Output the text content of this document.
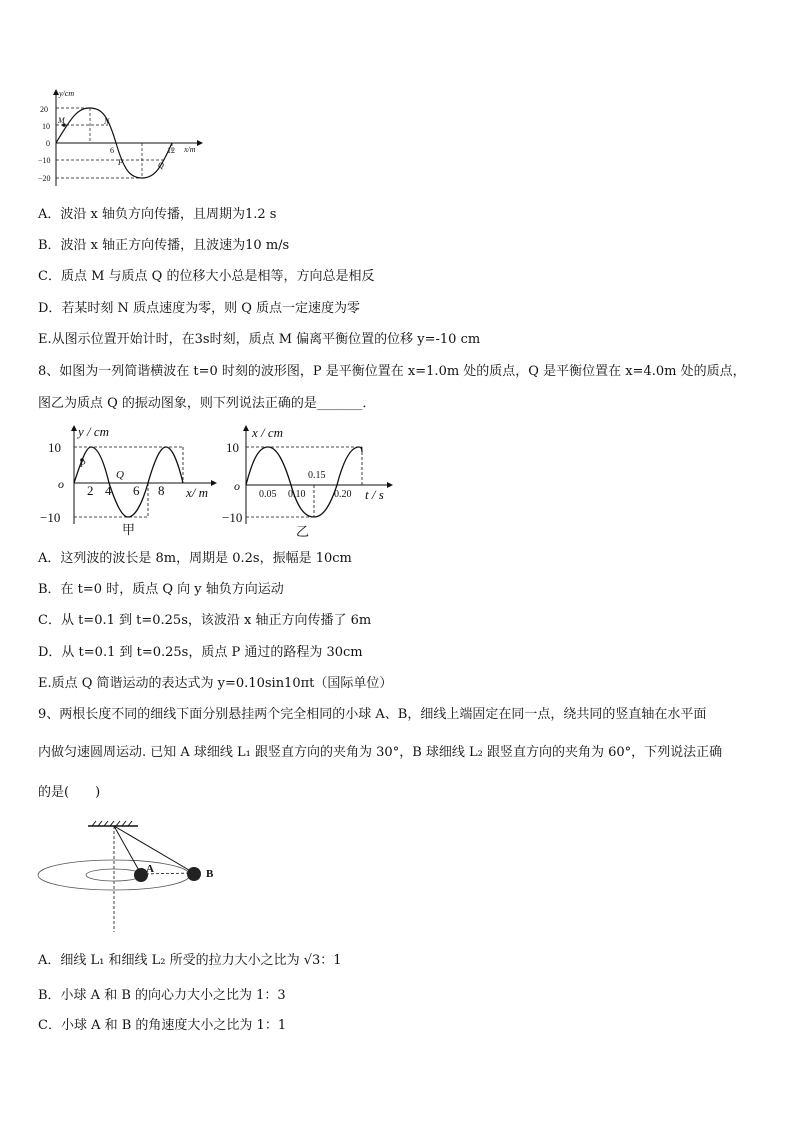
y/cm
x/m
20
10
0
−10
−20
6	12
M	N
P	Q
A．波沿 x 轴负方向传播，且周期为1.2 s
B．波沿 x 轴正方向传播，且波速为10 m/s
C．质点 M 与质点 Q 的位移大小总是相等，方向总是相反
D．若某时刻 N 质点速度为零，则 Q 质点一定速度为零
E.从图示位置开始计时，在3s时刻，质点 M 偏离平衡位置的位移 y=-10 cm
8、如图为一列简谐横波在 t=0 时刻的波形图，P 是平衡位置在 x=1.0m 处的质点，Q 是平衡位置在 x=4.0m 处的质点，
图乙为质点 Q 的振动图象，则下列说法正确的是_______．
y / cm
10
o
−10
P
Q
2 4 6 8 x/ m
甲
x / cm
10
o
−10
0.05 0.10
0.15
0.20 t / s
乙
A．这列波的波长是 8m，周期是 0.2s，振幅是 10cm
B．在 t=0 时，质点 Q 向 y 轴负方向运动
C．从 t=0.1 到 t=0.25s，该波沿 x 轴正方向传播了 6m
D．从 t=0.1 到 t=0.25s，质点 P 通过的路程为 30cm
E.质点 Q 简谐运动的表达式为 y=0.10sin10πt（国际单位）
9、两根长度不同的细线下面分别悬挂两个完全相同的小球 A、B，细线上端固定在同一点，绕共同的竖直轴在水平面
内做匀速圆周运动. 已知 A 球细线 L₁ 跟竖直方向的夹角为 30°，B 球细线 L₂ 跟竖直方向的夹角为 60°，下列说法正确
的是(　　)
A	B
A．细线 L₁ 和细线 L₂ 所受的拉力大小之比为 √3：1
B．小球 A 和 B 的向心力大小之比为 1：3
C．小球 A 和 B 的角速度大小之比为 1：1
